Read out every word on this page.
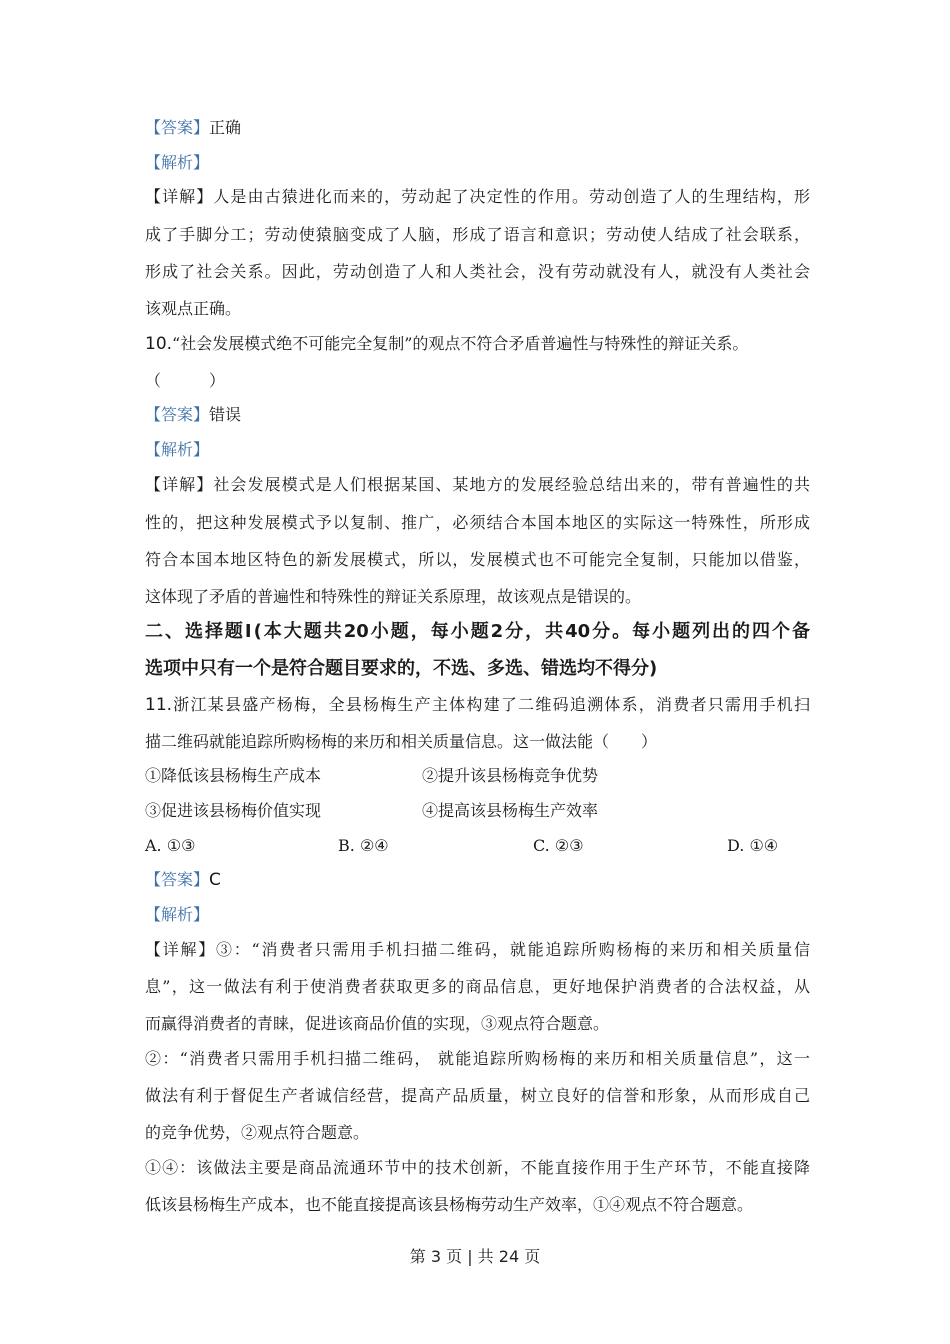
【答案】正确
【解析】
【详解】人是由古猿进化而来的，劳动起了决定性的作用。劳动创造了人的生理结构，形
成了手脚分工；劳动使猿脑变成了人脑，形成了语言和意识；劳动使人结成了社会联系，
形成了社会关系。因此，劳动创造了人和人类社会，没有劳动就没有人，就没有人类社会
该观点正确。
10.“社会发展模式绝不可能完全复制”的观点不符合矛盾普遍性与特殊性的辩证关系。
（　　　）
【答案】错误
【解析】
【详解】社会发展模式是人们根据某国、某地方的发展经验总结出来的，带有普遍性的共
性的，把这种发展模式予以复制、推广，必须结合本国本地区的实际这一特殊性，所形成
符合本国本地区特色的新发展模式，所以，发展模式也不可能完全复制，只能加以借鉴，
这体现了矛盾的普遍性和特殊性的辩证关系原理，故该观点是错误的。
二、选择题Ⅰ(本大题共20小题，每小题2分，共40分。每小题列出的四个备
选项中只有一个是符合题目要求的，不选、多选、错选均不得分)
11.浙江某县盛产杨梅，全县杨梅生产主体构建了二维码追溯体系，消费者只需用手机扫
描二维码就能追踪所购杨梅的来历和相关质量信息。这一做法能（　　）
①降低该县杨梅生产成本	②提升该县杨梅竞争优势
③促进该县杨梅价值实现	④提高该县杨梅生产效率
A. ①③	B. ②④	C. ②③	D. ①④
【答案】C
【解析】
【详解】③：“消费者只需用手机扫描二维码，就能追踪所购杨梅的来历和相关质量信
息”，这一做法有利于使消费者获取更多的商品信息，更好地保护消费者的合法权益，从
而赢得消费者的青睐，促进该商品价值的实现，③观点符合题意。
②：“消费者只需用手机扫描二维码， 就能追踪所购杨梅的来历和相关质量信息”，这一
做法有利于督促生产者诚信经营，提高产品质量，树立良好的信誉和形象，从而形成自己
的竞争优势，②观点符合题意。
①④：该做法主要是商品流通环节中的技术创新，不能直接作用于生产环节，不能直接降
低该县杨梅生产成本，也不能直接提高该县杨梅劳动生产效率，①④观点不符合题意。
第 3 页 | 共 24 页
